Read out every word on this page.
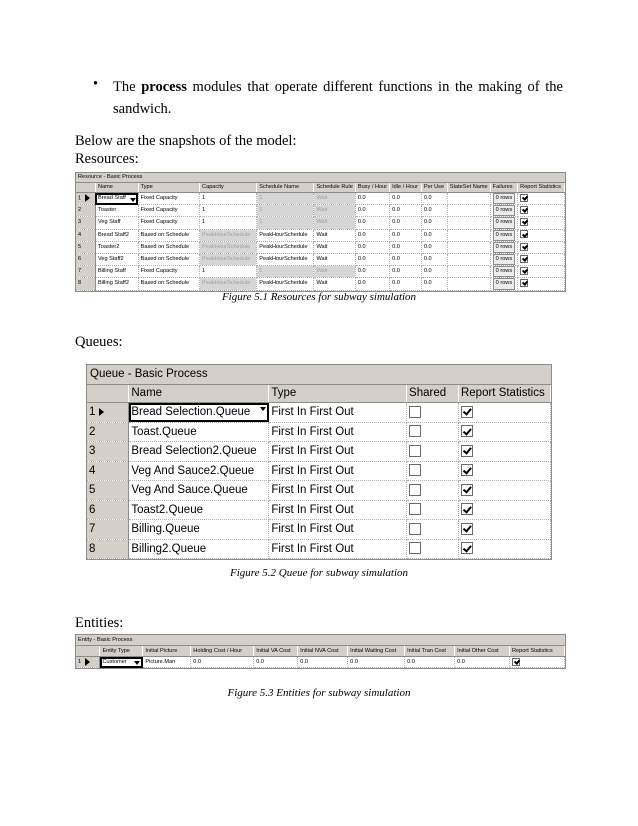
• The process modules that operate different functions in the making of the sandwich.
Below are the snapshots of the model:
Resources:
Resource - Basic Process
	Name	Type	Capacity	Schedule Name	Schedule Rule	Busy / Hour	Idle / Hour	Per Use	StateSet Name	Failures	Report Statistics
1	Bread Staff	Fixed Capacity	1	1	Wait	0.0	0.0	0.0		0 rows	
2	Toaster	Fixed Capacity	1	1	Wait	0.0	0.0	0.0		0 rows	
3	Veg Staff	Fixed Capacity	1	1	Wait	0.0	0.0	0.0		0 rows	
4	Bread Staff2	Based on Schedule	PeakHourSchedule	PeakHourSchedule	Wait	0.0	0.0	0.0		0 rows	
5	Toaster2	Based on Schedule	PeakHourSchedule	PeakHourSchedule	Wait	0.0	0.0	0.0		0 rows	
6	Veg Staff2	Based on Schedule	PeakHourSchedule	PeakHourSchedule	Wait	0.0	0.0	0.0		0 rows	
7	Billing Staff	Fixed Capacity	1	1	Wait	0.0	0.0	0.0		0 rows	
8	Billing Staff2	Based on Schedule	PeakHourSchedule	PeakHourSchedule	Wait	0.0	0.0	0.0		0 rows	
Figure 5.1 Resources for subway simulation
Queues:
Queue - Basic Process
	Name	Type	Shared	Report Statistics
1	Bread Selection.Queue	First In First Out		
2	Toast.Queue	First In First Out		
3	Bread Selection2.Queue	First In First Out		
4	Veg And Sauce2.Queue	First In First Out		
5	Veg And Sauce.Queue	First In First Out		
6	Toast2.Queue	First In First Out		
7	Billing.Queue	First In First Out		
8	Billing2.Queue	First In First Out		
Figure 5.2 Queue for subway simulation
Entities:
Entity - Basic Process
	Entity Type	Initial Picture	Holding Cost / Hour	Initial VA Cost	Initial NVA Cost	Initial Waiting Cost	Initial Tran Cost	Initial Other Cost	Report Statistics
1	Customer	Picture.Man	0.0	0.0	0.0	0.0	0.0	0.0	
Figure 5.3 Entities for subway simulation
